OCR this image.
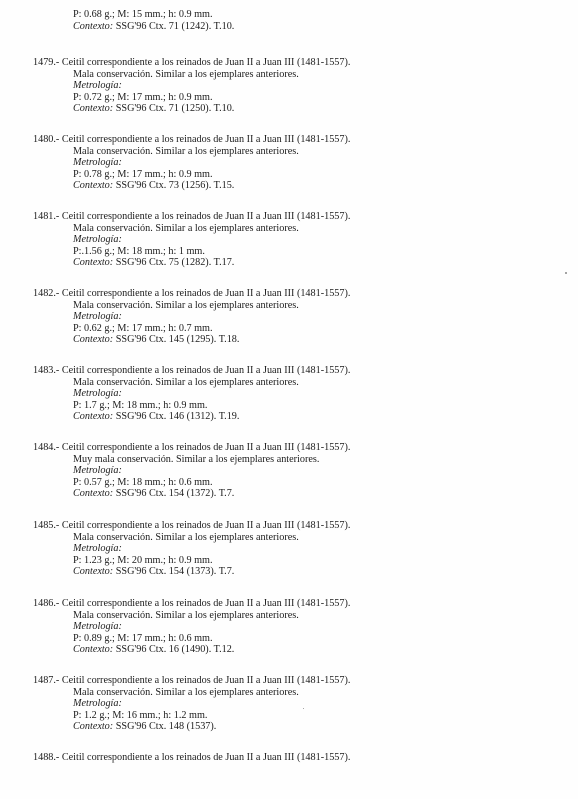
P: 0.68 g.; M: 15 mm.; h: 0.9 mm.
Contexto: SSG'96 Ctx. 71 (1242). T.10.
1479.- Ceitil correspondiente a los reinados de Juan II a Juan III (1481-1557).
Mala conservación. Similar a los ejemplares anteriores.
Metrología:
P: 0.72 g.; M: 17 mm.; h: 0.9 mm.
Contexto: SSG'96 Ctx. 71 (1250). T.10.
1480.- Ceitil correspondiente a los reinados de Juan II a Juan III (1481-1557).
Mala conservación. Similar a los ejemplares anteriores.
Metrología:
P: 0.78 g.; M: 17 mm.; h: 0.9 mm.
Contexto: SSG'96 Ctx. 73 (1256). T.15.
1481.- Ceitil correspondiente a los reinados de Juan II a Juan III (1481-1557).
Mala conservación. Similar a los ejemplares anteriores.
Metrología:
P:.1.56 g.; M: 18 mm.; h: 1 mm.
Contexto: SSG'96 Ctx. 75 (1282). T.17.
1482.- Ceitil correspondiente a los reinados de Juan II a Juan III (1481-1557).
Mala conservación. Similar a los ejemplares anteriores.
Metrología:
P: 0.62 g.; M: 17 mm.; h: 0.7 mm.
Contexto: SSG'96 Ctx. 145 (1295). T.18.
1483.- Ceitil correspondiente a los reinados de Juan II a Juan III (1481-1557).
Mala conservación. Similar a los ejemplares anteriores.
Metrología:
P: 1.7 g.; M: 18 mm.; h: 0.9 mm.
Contexto: SSG'96 Ctx. 146 (1312). T.19.
1484.- Ceitil correspondiente a los reinados de Juan II a Juan III (1481-1557).
Muy mala conservación. Similar a los ejemplares anteriores.
Metrología:
P: 0.57 g.; M: 18 mm.; h: 0.6 mm.
Contexto: SSG'96 Ctx. 154 (1372). T.7.
1485.- Ceitil correspondiente a los reinados de Juan II a Juan III (1481-1557).
Mala conservación. Similar a los ejemplares anteriores.
Metrología:
P: 1.23 g.; M: 20 mm.; h: 0.9 mm.
Contexto: SSG'96 Ctx. 154 (1373). T.7.
1486.- Ceitil correspondiente a los reinados de Juan II a Juan III (1481-1557).
Mala conservación. Similar a los ejemplares anteriores.
Metrología:
P: 0.89 g.; M: 17 mm.; h: 0.6 mm.
Contexto: SSG'96 Ctx. 16 (1490). T.12.
1487.- Ceitil correspondiente a los reinados de Juan II a Juan III (1481-1557).
Mala conservación. Similar a los ejemplares anteriores.
Metrología:
P: 1.2 g.; M: 16 mm.; h: 1.2 mm.
Contexto: SSG'96 Ctx. 148 (1537).
1488.- Ceitil correspondiente a los reinados de Juan II a Juan III (1481-1557).
